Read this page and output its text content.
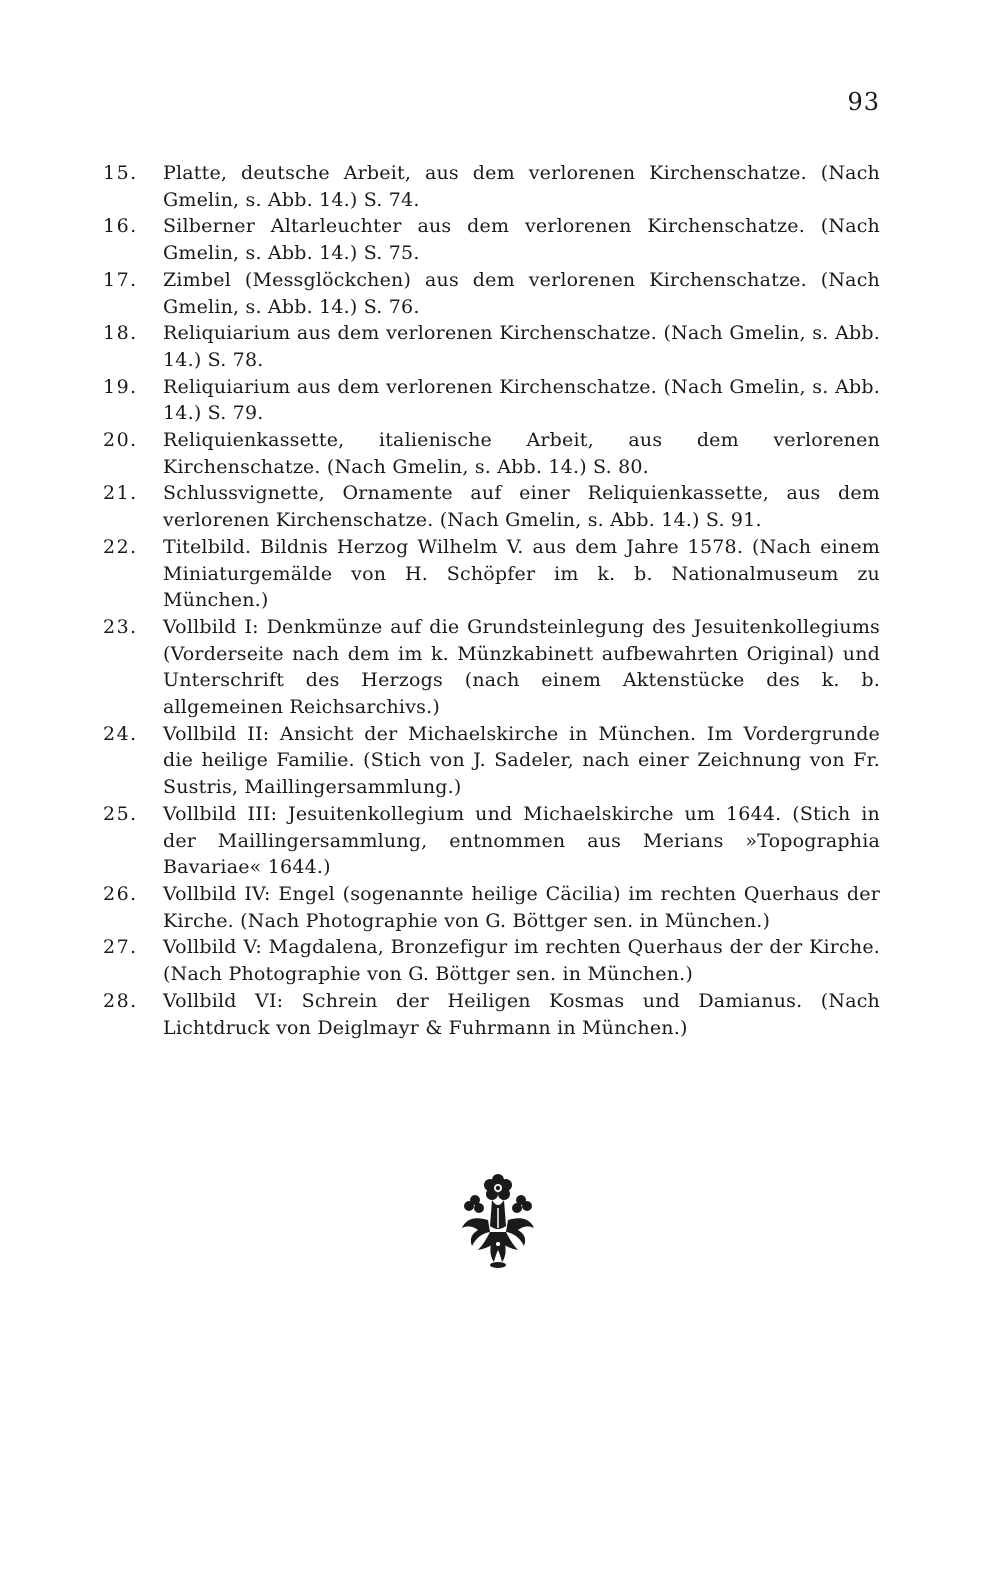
93
15.	Platte, deutsche Arbeit, aus dem verlorenen Kirchenschatze. (Nach Gmelin, s. Abb. 14.) S. 74.
16.	Silberner Altarleuchter aus dem verlorenen Kirchenschatze. (Nach Gmelin, s. Abb. 14.) S. 75.
17.	Zimbel (Messglöckchen) aus dem verlorenen Kirchenschatze. (Nach Gmelin, s. Abb. 14.) S. 76.
18.	Reliquiarium aus dem verlorenen Kirchenschatze. (Nach Gmelin, s. Abb. 14.) S. 78.
19.	Reliquiarium aus dem verlorenen Kirchenschatze. (Nach Gmelin, s. Abb. 14.) S. 79.
20.	Reliquienkassette, italienische Arbeit, aus dem verlorenen Kirchenschatze. (Nach Gmelin, s. Abb. 14.) S. 80.
21.	Schlussvignette, Ornamente auf einer Reliquienkassette, aus dem verlorenen Kirchenschatze. (Nach Gmelin, s. Abb. 14.) S. 91.
22.	Titelbild. Bildnis Herzog Wilhelm V. aus dem Jahre 1578. (Nach einem Miniaturgemälde von H. Schöpfer im k. b. Nationalmuseum zu München.)
23.	Vollbild I: Denkmünze auf die Grundsteinlegung des Jesuitenkollegiums (Vorderseite nach dem im k. Münzkabinett aufbewahrten Original) und Unterschrift des Herzogs (nach einem Aktenstücke des k. b. allgemeinen Reichsarchivs.)
24.	Vollbild II: Ansicht der Michaelskirche in München. Im Vordergrunde die heilige Familie. (Stich von J. Sadeler, nach einer Zeichnung von Fr. Sustris, Maillingersammlung.)
25.	Vollbild III: Jesuitenkollegium und Michaelskirche um 1644. (Stich in der Maillingersammlung, entnommen aus Merians »Topographia Bavariae« 1644.)
26.	Vollbild IV: Engel (sogenannte heilige Cäcilia) im rechten Querhaus der Kirche. (Nach Photographie von G. Böttger sen. in München.)
27.	Vollbild V: Magdalena, Bronzefigur im rechten Querhaus der der Kirche. (Nach Photographie von G. Böttger sen. in München.)
28.	Vollbild VI: Schrein der Heiligen Kosmas und Damianus. (Nach Lichtdruck von Deiglmayr & Fuhrmann in München.)
